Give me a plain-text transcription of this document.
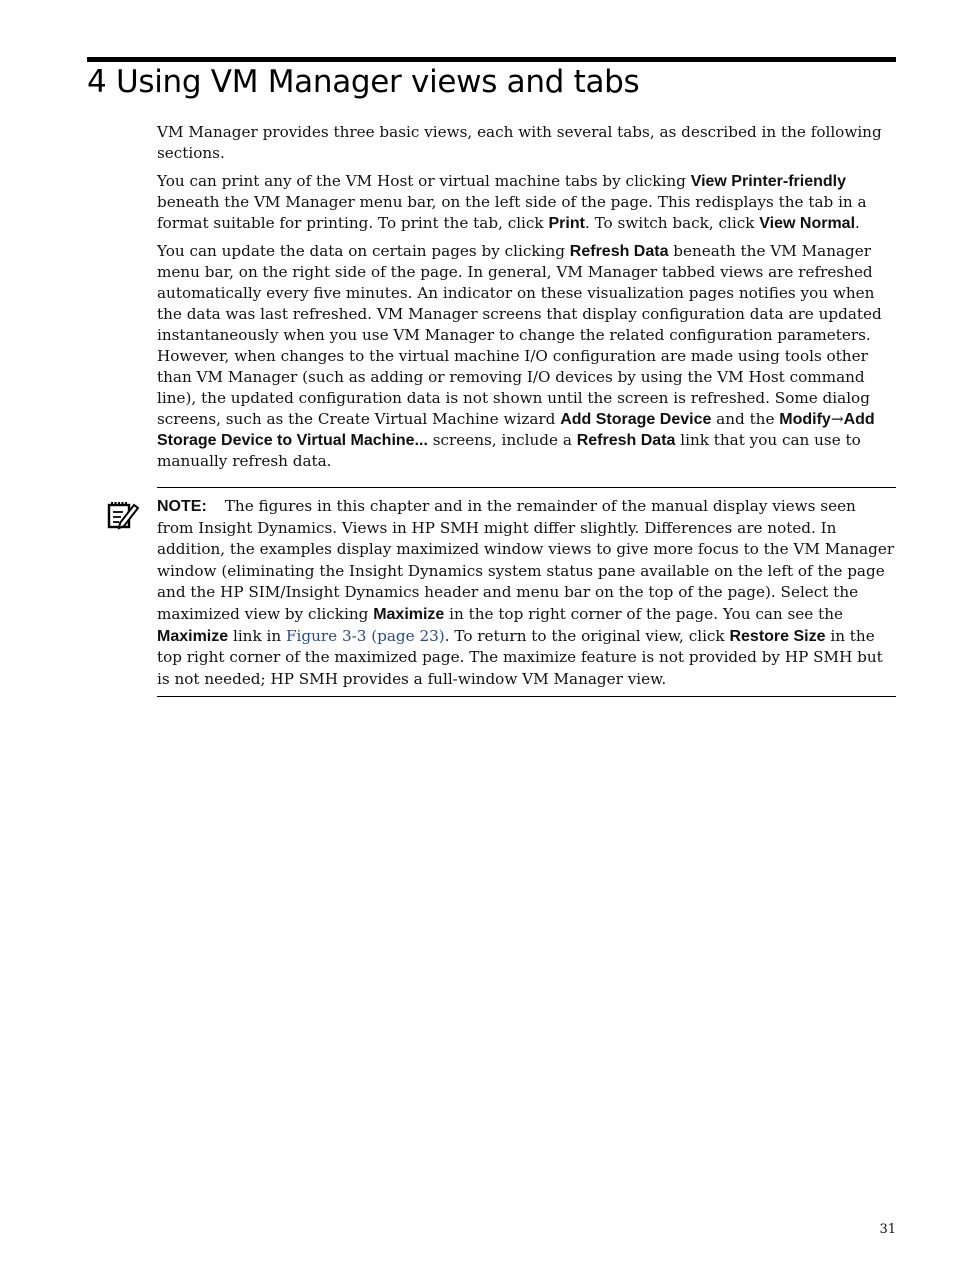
4 Using VM Manager views and tabs

VM Manager provides three basic views, each with several tabs, as described in the following sections.

You can print any of the VM Host or virtual machine tabs by clicking View Printer-friendly beneath the VM Manager menu bar, on the left side of the page. This redisplays the tab in a format suitable for printing. To print the tab, click Print. To switch back, click View Normal.

You can update the data on certain pages by clicking Refresh Data beneath the VM Manager menu bar, on the right side of the page. In general, VM Manager tabbed views are refreshed automatically every five minutes. An indicator on these visualization pages notifies you when the data was last refreshed. VM Manager screens that display configuration data are updated instantaneously when you use VM Manager to change the related configuration parameters. However, when changes to the virtual machine I/O configuration are made using tools other than VM Manager (such as adding or removing I/O devices by using the VM Host command line), the updated configuration data is not shown until the screen is refreshed. Some dialog screens, such as the Create Virtual Machine wizard Add Storage Device and the Modify→Add Storage Device to Virtual Machine... screens, include a Refresh Data link that you can use to manually refresh data.

NOTE: The figures in this chapter and in the remainder of the manual display views seen from Insight Dynamics. Views in HP SMH might differ slightly. Differences are noted. In addition, the examples display maximized window views to give more focus to the VM Manager window (eliminating the Insight Dynamics system status pane available on the left of the page and the HP SIM/Insight Dynamics header and menu bar on the top of the page). Select the maximized view by clicking Maximize in the top right corner of the page. You can see the Maximize link in Figure 3-3 (page 23). To return to the original view, click Restore Size in the top right corner of the maximized page. The maximize feature is not provided by HP SMH but is not needed; HP SMH provides a full-window VM Manager view.
31
